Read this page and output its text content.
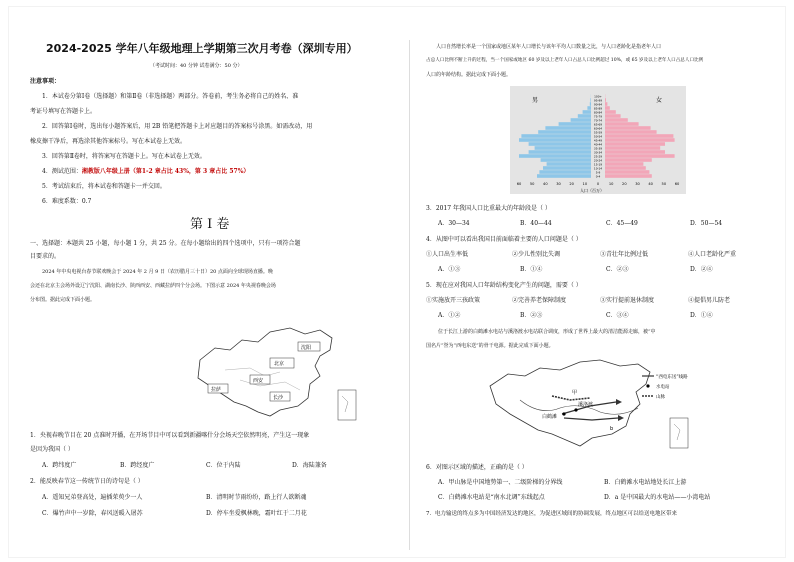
2024-2025 学年八年级地理上学期第三次月考卷（深圳专用）
（考试时间：40 分钟 试卷满分：50 分）
注意事项：
1．本试卷分第Ⅰ卷（选择题）和第Ⅱ卷（非选择题）两部分。答卷前，考生务必将自己的姓名、准
考证号填写在答题卡上。
2．回答第Ⅰ卷时，选出每小题答案后，用 2B 铅笔把答题卡上对应题目的答案标号涂黑。如需改动，用
橡皮擦干净后，再选涂其他答案标号。写在本试卷上无效。
3．回答第Ⅱ卷时，将答案写在答题卡上。写在本试卷上无效。
4．测试范围：湘教版八年级上册（第1-2 章占比 43%，第 3 章占比 57%）
5．考试结束后，将本试卷和答题卡一并交回。
6．难度系数：0.7
第 Ⅰ 卷
一、选择题：本题共 25 小题，每小题 1 分，共 25 分。在每小题给出的四个选项中，只有一项符合题
目要求的。
2024 年中央电视台春节联欢晚会于 2024 年 2 月 9 日（农历腊月三十日）20 点面向全球现场直播。晚
会还在北京主会场外设辽宁沈阳、湖南长沙、陕西西安、西藏拉萨四个分会场。下图示意 2024 年央视春晚会场
分布图。据此完成下面小题。
沈阳
北京
西安
拉萨
长沙
1．央视春晚节目在 20 点准时开播，在开场节目中可以看到新疆喀什分会场天空依然明亮，产生这一现象
是因为我国（ ）
A．跨纬度广	B．跨经度广	C．位于内陆	D．海陆兼备
2．能反映春节这一传统节日的诗句是（ ）
A．遥知兄弟登高处，遍插茱萸少一人	B．清明时节雨纷纷，路上行人欲断魂
C．爆竹声中一岁除，春风送暖入屠苏	D．停车坐爱枫林晚，霜叶红于二月花
人口自然增长率是一个国家或地区某年人口增长与该年平均人口数量之比，与人口老龄化是指老年人口
占总人口比例不断上升的过程，当一个国家或地区 60 岁及以上老年人口占总人口比例超过 10%，或 65 岁及以上老年人口占总人口比例
人口的年龄结构。据此完成下面小题。
男	女
0-4
5-9
10-14
15-19
20-24
25-29
30-34
35-39
40-44
45-49
50-54
55-59
60-64
65-69
70-74
75-79
80-84
85-89
90-94
95-99
100+
60 50 40 30 20 10	0	10 20 30 40 50 60
人口（百万）
3．2017 年我国人口比重最大的年龄段是（ ）
A．30—34	B．40—44	C．45—49	D．50—54
4．从图中可以看出我国目前面临着主要的人口问题是（ ）
①人口出生率低	②少儿性别比失调	③青壮年比例过低	④人口老龄化严重
A．①③	B．①④	C．②③	D．②④
5．现在应对我国人口年龄结构变化产生的问题，需要（ ）
①实施放开三孩政策	②完善养老保障制度	③实行提前退休制度	④提倡男儿防老
A．①②	B．②③	C．③④	D．①④
位于长江上游的白鹤滩水电站与溪洛渡水电站联合调度，形成了世界上最大的清洁能源走廊，被“中
国名片”誉为“西电东送”的骨干电源。据此完成下面小题。
甲
白鹤滩
溪洛渡
b
“西电东送”线路
水电站
山脉
6．对图示区域的描述，正确的是（ ）
A．甲山脉是中国地势第一、二级阶梯的分界线	B．白鹤滩水电站地处长江上游
C．白鹤滩水电站是“南水北调”东线起点	D．a 是中国最大的水电站——小湾电站
7．电力输送的终点多为中国经济发达的地区，为促进区域间的协调发展，终点地区可以给送电地区带来
